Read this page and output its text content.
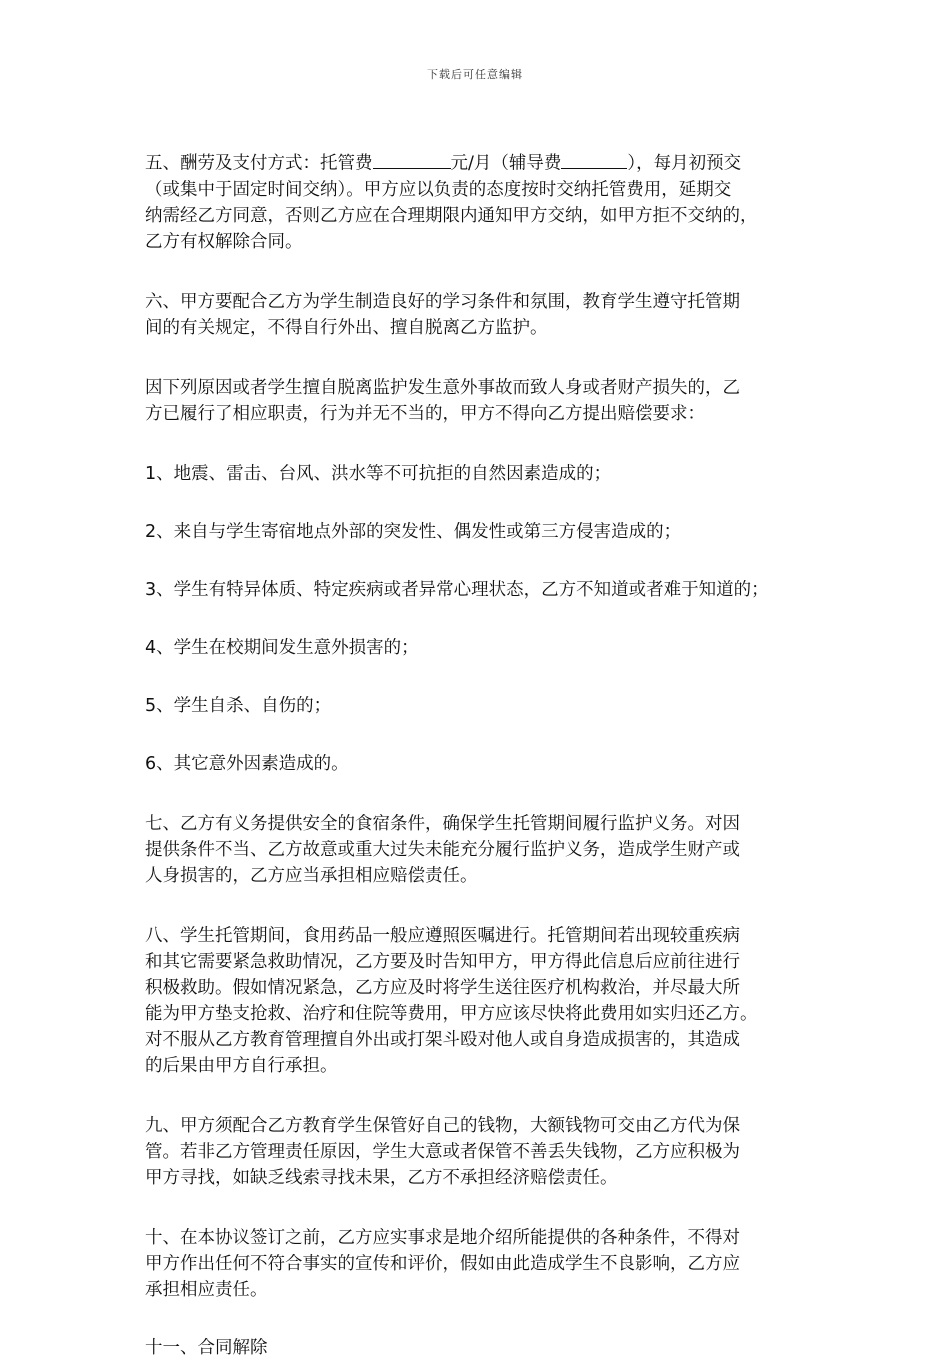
下载后可任意编辑
五、酬劳及支付方式：托管费	元/月（辅导费	），每月初预交
（或集中于固定时间交纳）。甲方应以负责的态度按时交纳托管费用，延期交
纳需经乙方同意，否则乙方应在合理期限内通知甲方交纳，如甲方拒不交纳的，
乙方有权解除合同。
六、甲方要配合乙方为学生制造良好的学习条件和氛围，教育学生遵守托管期
间的有关规定，不得自行外出、擅自脱离乙方监护。
因下列原因或者学生擅自脱离监护发生意外事故而致人身或者财产损失的，乙
方已履行了相应职责，行为并无不当的，甲方不得向乙方提出赔偿要求：
1、地震、雷击、台风、洪水等不可抗拒的自然因素造成的；
2、来自与学生寄宿地点外部的突发性、偶发性或第三方侵害造成的；
3、学生有特异体质、特定疾病或者异常心理状态，乙方不知道或者难于知道的；
4、学生在校期间发生意外损害的；
5、学生自杀、自伤的；
6、其它意外因素造成的。
七、乙方有义务提供安全的食宿条件，确保学生托管期间履行监护义务。对因
提供条件不当、乙方故意或重大过失未能充分履行监护义务，造成学生财产或
人身损害的，乙方应当承担相应赔偿责任。
八、学生托管期间，食用药品一般应遵照医嘱进行。托管期间若出现较重疾病
和其它需要紧急救助情况，乙方要及时告知甲方，甲方得此信息后应前往进行
积极救助。假如情况紧急，乙方应及时将学生送往医疗机构救治，并尽最大所
能为甲方垫支抢救、治疗和住院等费用，甲方应该尽快将此费用如实归还乙方。
对不服从乙方教育管理擅自外出或打架斗殴对他人或自身造成损害的，其造成
的后果由甲方自行承担。
九、甲方须配合乙方教育学生保管好自己的钱物，大额钱物可交由乙方代为保
管。若非乙方管理责任原因，学生大意或者保管不善丢失钱物，乙方应积极为
甲方寻找，如缺乏线索寻找未果，乙方不承担经济赔偿责任。
十、在本协议签订之前，乙方应实事求是地介绍所能提供的各种条件，不得对
甲方作出任何不符合事实的宣传和评价，假如由此造成学生不良影响，乙方应
承担相应责任。
十一、合同解除
